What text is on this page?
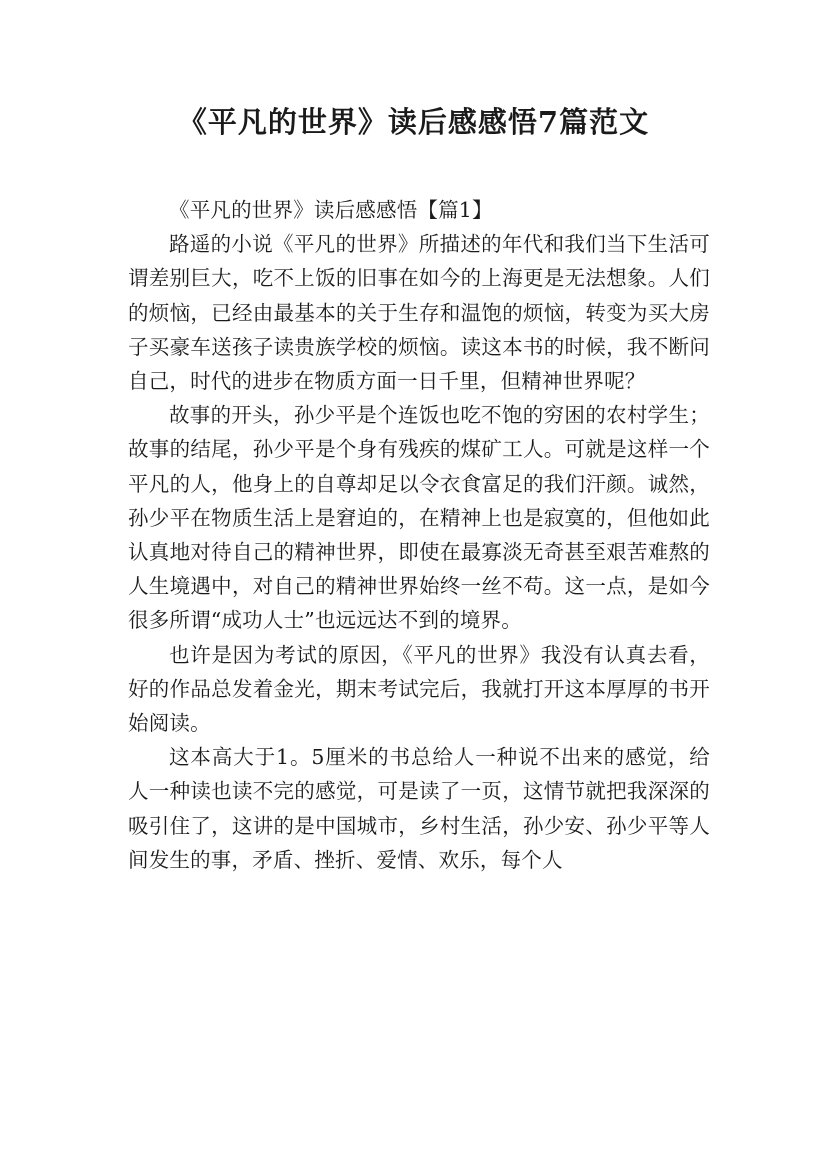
《平凡的世界》读后感感悟7篇范文

《平凡的世界》读后感感悟【篇1】

路遥的小说《平凡的世界》所描述的年代和我们当下生活可谓差别巨大，吃不上饭的旧事在如今的上海更是无法想象。人们的烦恼，已经由最基本的关于生存和温饱的烦恼，转变为买大房子买豪车送孩子读贵族学校的烦恼。读这本书的时候，我不断问自己，时代的进步在物质方面一日千里，但精神世界呢？

故事的开头，孙少平是个连饭也吃不饱的穷困的农村学生；故事的结尾，孙少平是个身有残疾的煤矿工人。可就是这样一个平凡的人，他身上的自尊却足以令衣食富足的我们汗颜。诚然，孙少平在物质生活上是窘迫的，在精神上也是寂寞的，但他如此认真地对待自己的精神世界，即使在最寡淡无奇甚至艰苦难熬的人生境遇中，对自己的精神世界始终一丝不苟。这一点，是如今很多所谓“成功人士”也远远达不到的境界。

也许是因为考试的原因，《平凡的世界》我没有认真去看，好的作品总发着金光，期末考试完后，我就打开这本厚厚的书开始阅读。

这本高大于1。5厘米的书总给人一种说不出来的感觉，给人一种读也读不完的感觉，可是读了一页，这情节就把我深深的吸引住了，这讲的是中国城市，乡村生活，孙少安、孙少平等人间发生的事，矛盾、挫折、爱情、欢乐，每个人
